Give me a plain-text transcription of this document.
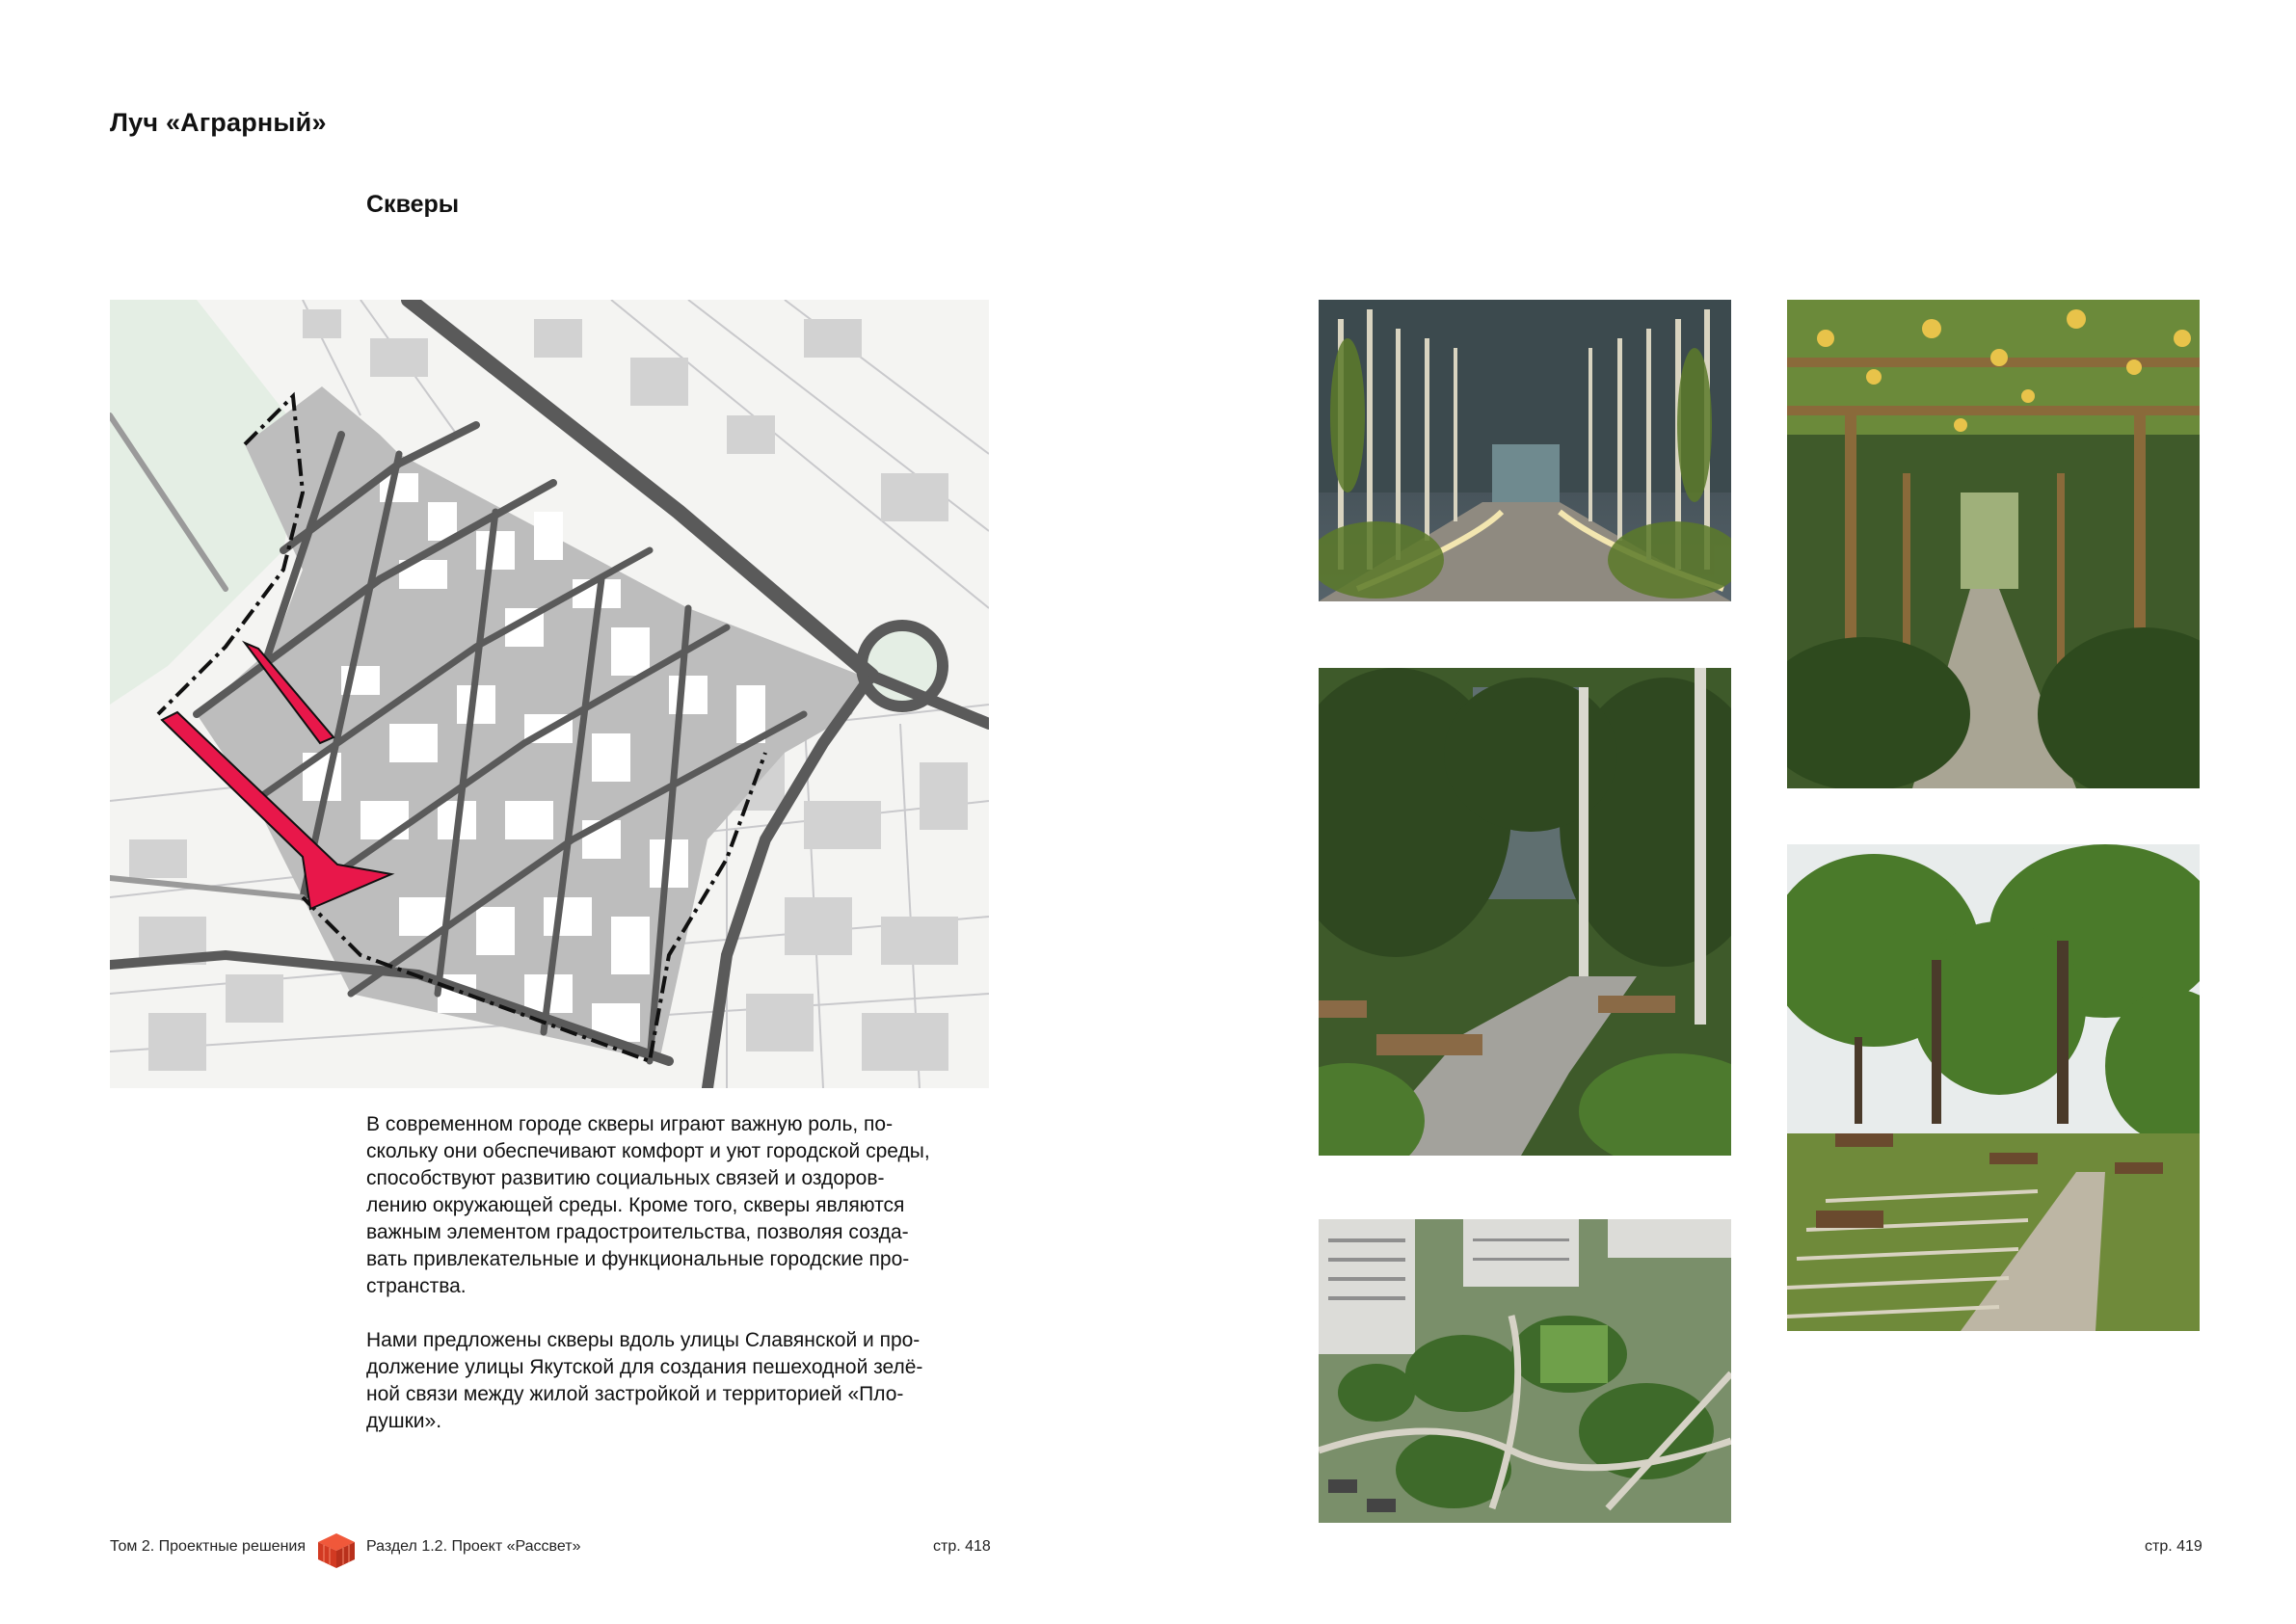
Луч «Аграрный»
Скверы

В современном городе скверы играют важную роль, по-
скольку они обеспечивают комфорт и уют городской среды,
способствуют развитию социальных связей и оздоров-
лению окружающей среды. Кроме того, скверы являются
важным элементом градостроительства, позволяя созда-
вать привлекательные и функциональные городские про-
странства.

Нами предложены скверы вдоль улицы Славянской и про-
должение улицы Якутской для создания пешеходной зелё-
ной связи между жилой застройкой и территорией «Пло-
душки».

Том 2. Проектные решения	Раздел 1.2. Проект «Рассвет»	стр. 418	стр. 419
